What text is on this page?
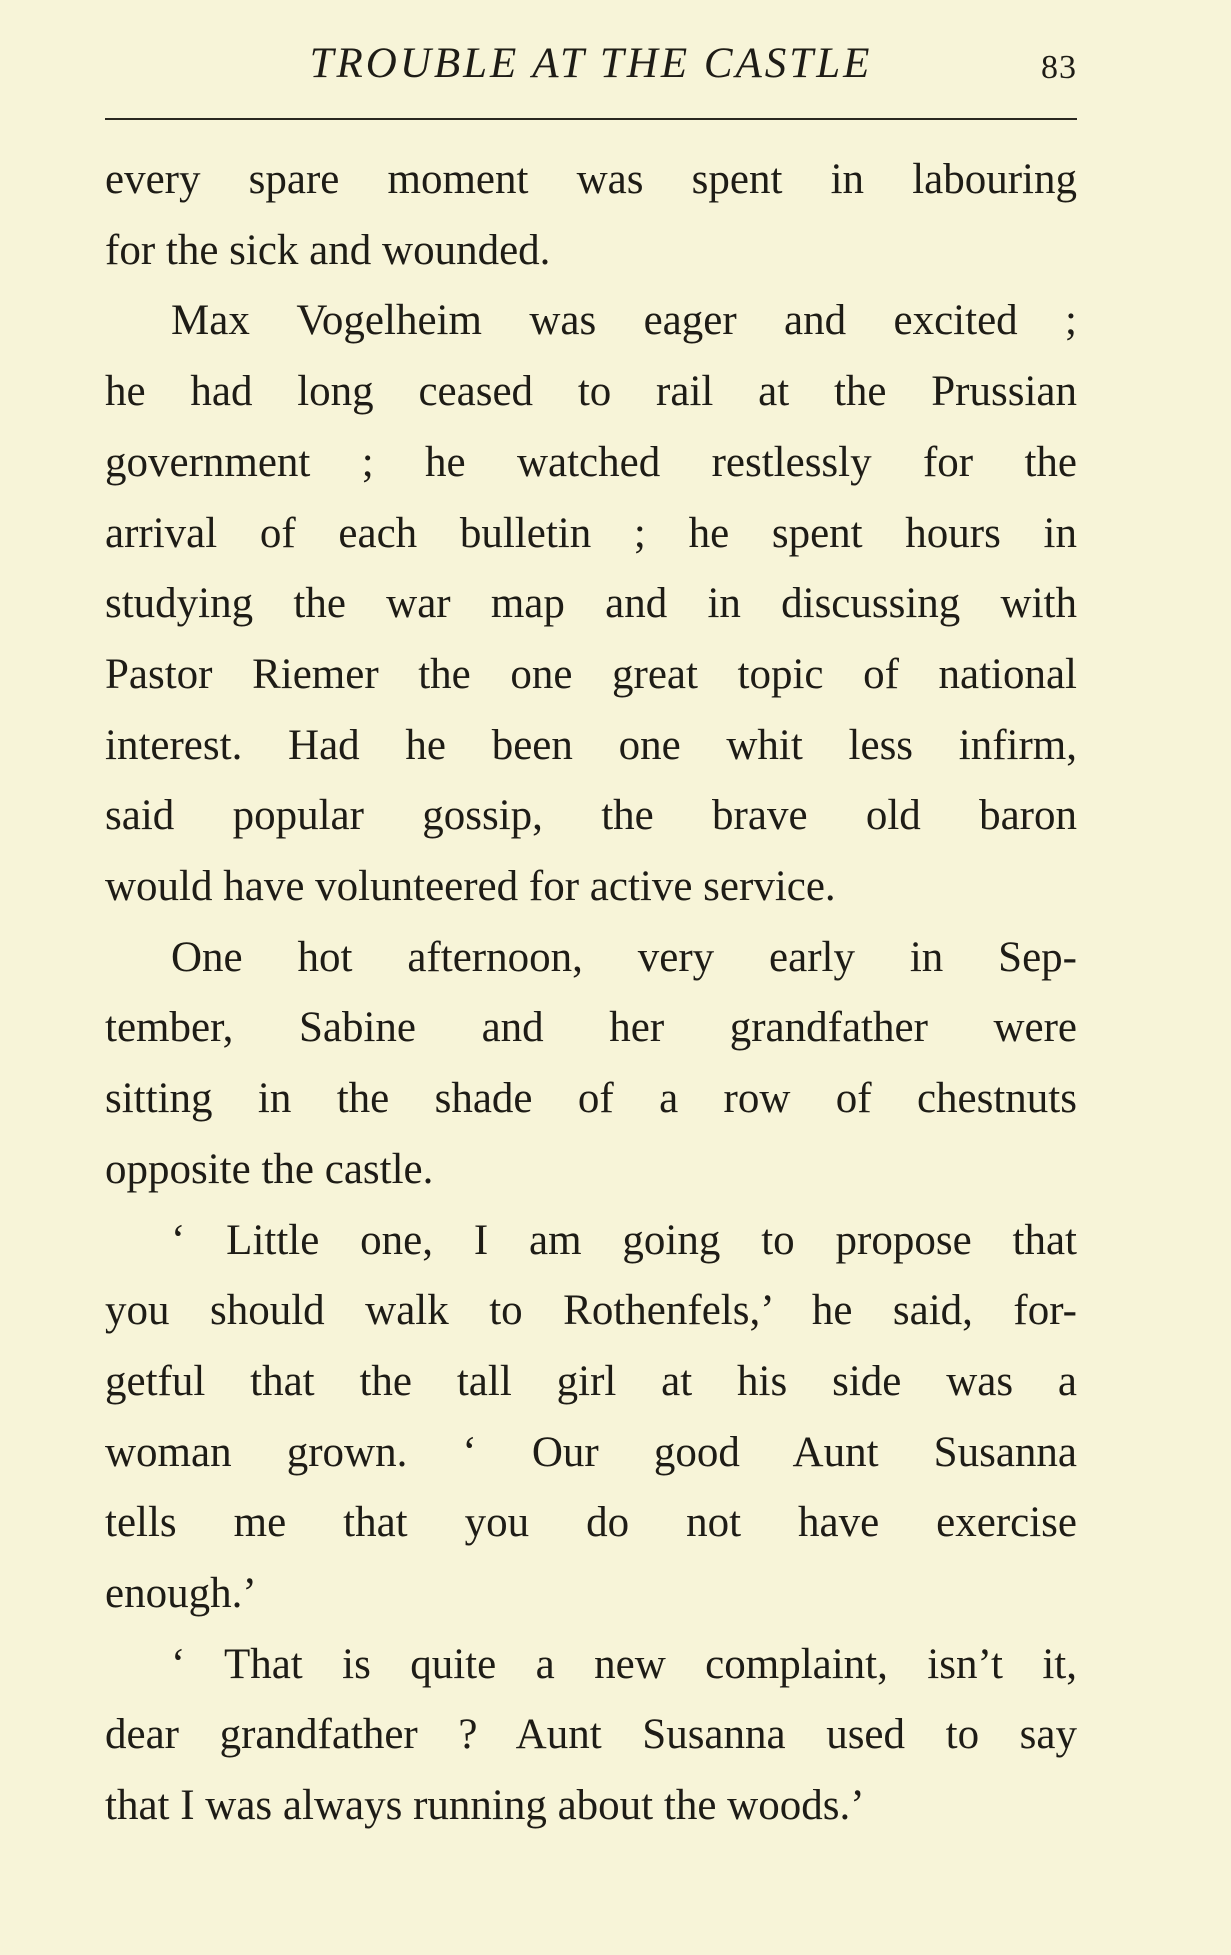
TROUBLE AT THE CASTLE	83

every spare moment was spent in labouring
for the sick and wounded.

Max Vogelheim was eager and excited ;
he had long ceased to rail at the Prussian
government ; he watched restlessly for the
arrival of each bulletin ; he spent hours in
studying the war map and in discussing with
Pastor Riemer the one great topic of national
interest. Had he been one whit less infirm,
said popular gossip, the brave old baron
would have volunteered for active service.

One hot afternoon, very early in Sep-
tember, Sabine and her grandfather were
sitting in the shade of a row of chestnuts
opposite the castle.

‘ Little one, I am going to propose that
you should walk to Rothenfels,’ he said, for-
getful that the tall girl at his side was a
woman grown. ‘ Our good Aunt Susanna
tells me that you do not have exercise
enough.’

‘ That is quite a new complaint, isn’t it,
dear grandfather ? Aunt Susanna used to say
that I was always running about the woods.’
